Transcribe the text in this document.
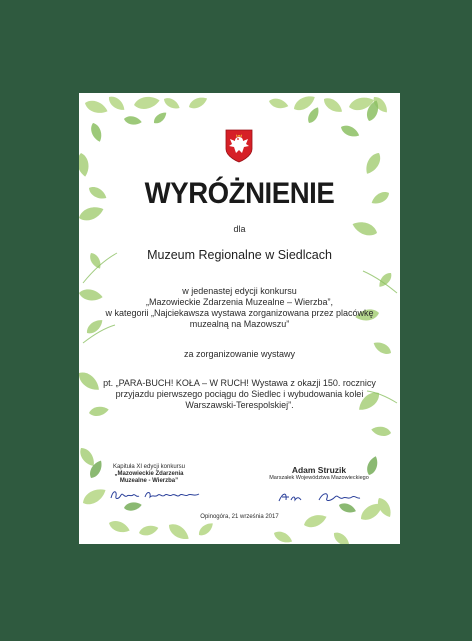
WYRÓŻNIENIE
dla
Muzeum Regionalne w Siedlcach
w jedenastej edycji konkursu
„Mazowieckie Zdarzenia Muzealne – Wierzba”,
w kategorii „Najciekawsza wystawa zorganizowana przez placówkę
muzealną na Mazowszu”
za zorganizowanie wystawy
pt. „PARA-BUCH! KOŁA – W RUCH! Wystawa z okazji 150. rocznicy
przyjazdu pierwszego pociągu do Siedlec i wybudowania kolei
Warszawski-Terespolskiej”.
Kapituła XI edycji konkursu
„Mazowieckie Zdarzenia
Muzealne - Wierzba”
Adam Struzik
Marszałek Województwa Mazowieckiego
Opinogóra, 21 września 2017
